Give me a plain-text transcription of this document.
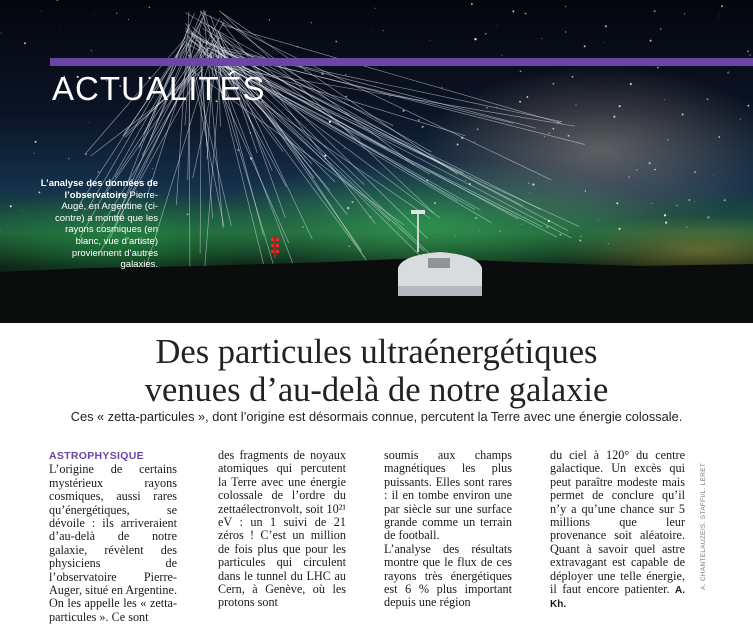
ACTUALITÉS
L’analyse des données de l’observatoire Pierre-Augé, en Argentine (ci-contre) a montré que les rayons cosmiques (en blanc, vue d’artiste) proviennent d’autres galaxies.
Des particules ultraénergétiques
venues d’au-delà de notre galaxie

Ces « zetta-particules », dont l’origine est désormais connue, percutent la Terre avec une énergie colossale.

ASTROPHYSIQUE L’origine de certains mystérieux rayons cosmiques, aussi rares qu’énergétiques, se dévoile : ils arriveraient d’au-delà de notre galaxie, révèlent des physiciens de l’observatoire Pierre-Auger, situé en Argentine. On les appelle les « zetta-particules ». Ce sont
des fragments de noyaux atomiques qui percutent la Terre avec une énergie colossale de l’ordre du zettaélectronvolt, soit 10²¹ eV : un 1 suivi de 21 zéros ! C’est un million de fois plus que pour les particules qui circulent dans le tunnel du LHC au Cern, à Genève, où les protons sont
soumis aux champs magnétiques les plus puissants. Elles sont rares : il en tombe environ une par siècle sur une surface grande comme un terrain de football.
L’analyse des résultats montre que le flux de ces rayons très énergétiques est 6 % plus important depuis une région
du ciel à 120° du centre galactique. Un excès qui peut paraître modeste mais permet de conclure qu’il n’y a qu’une chance sur 5 millions que leur provenance soit aléatoire. Quant à savoir quel astre extravagant est capable de déployer une telle énergie, il faut encore patienter. A. Kh.
A. CHANTELAUZE/S. STAFFI/L. LERET
